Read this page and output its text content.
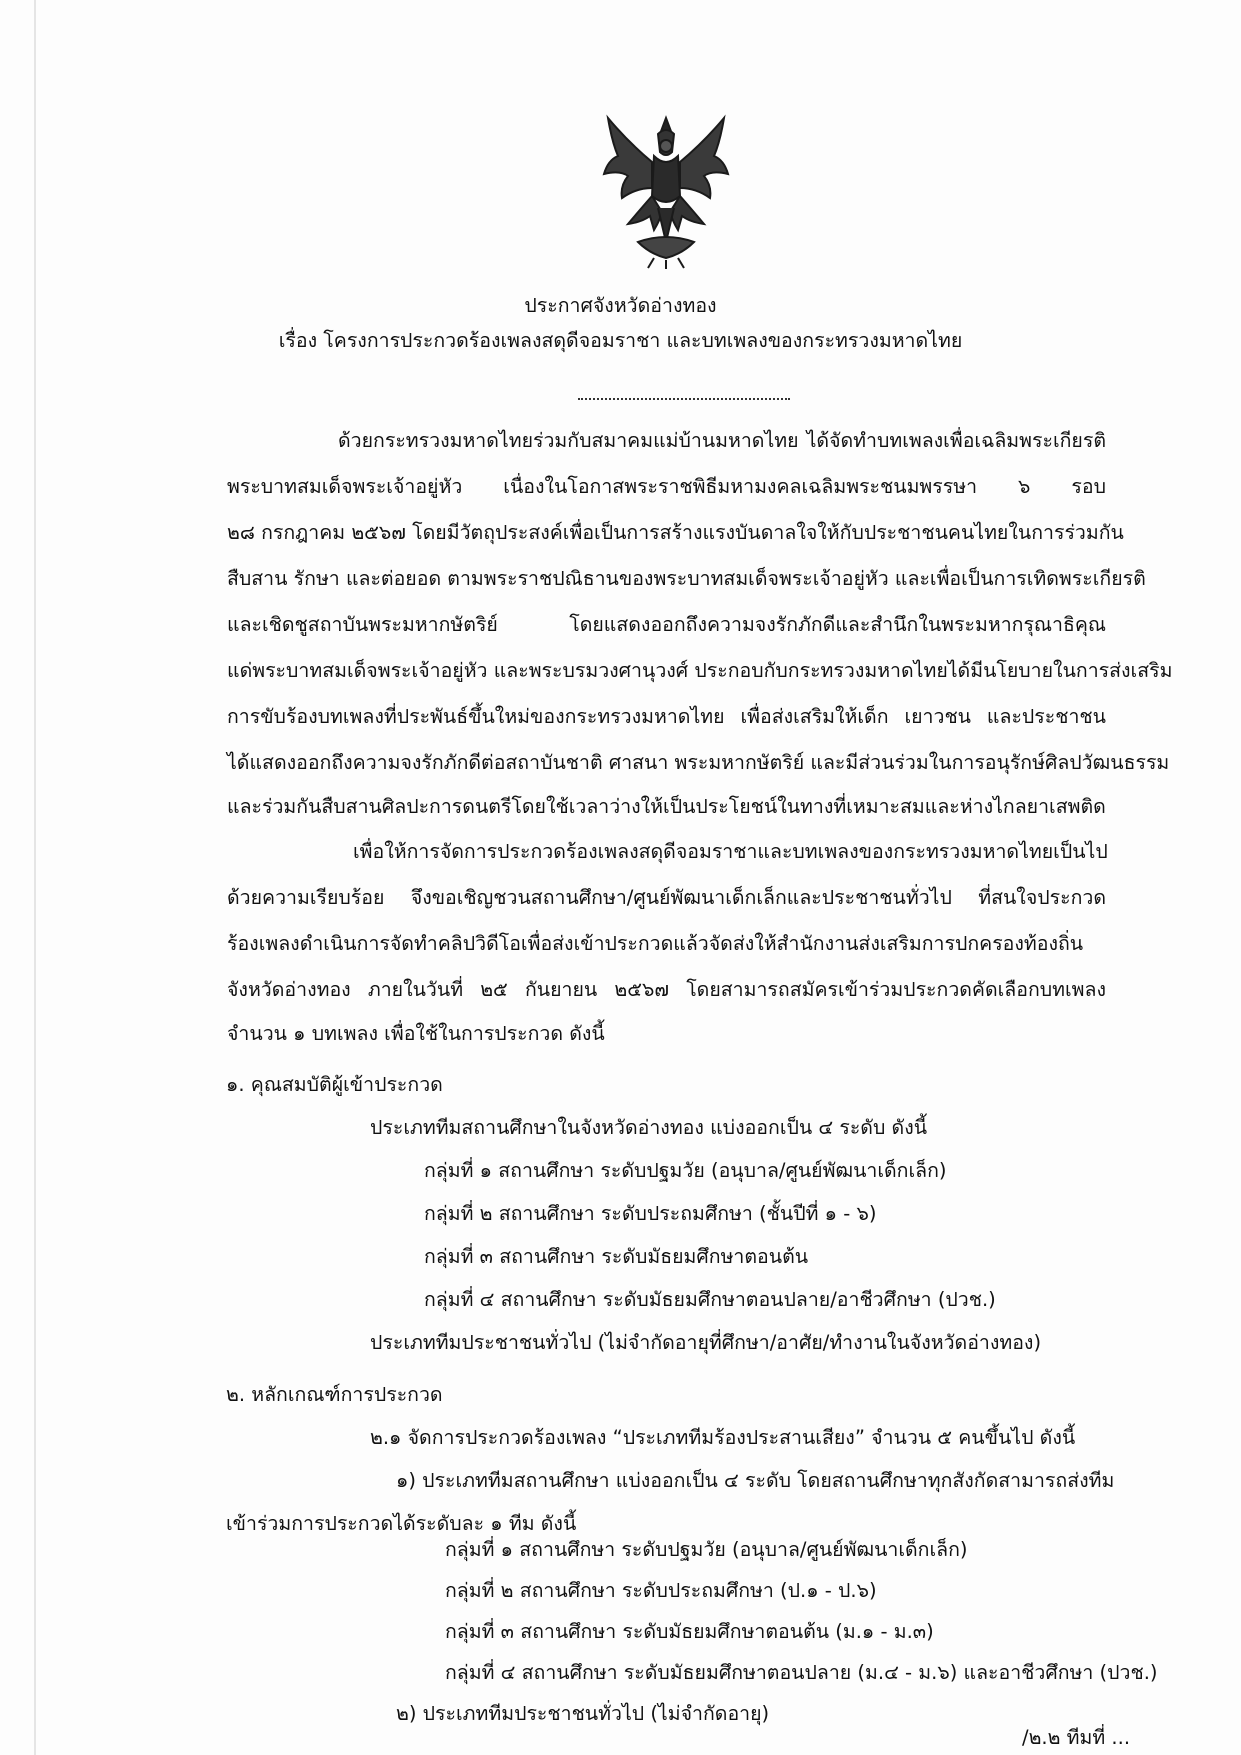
ประกาศจังหวัดอ่างทอง
เรื่อง โครงการประกวดร้องเพลงสดุดีจอมราชา และบทเพลงของกระทรวงมหาดไทย
ด้วยกระทรวงมหาดไทยร่วมกับสมาคมแม่บ้านมหาดไทย ได้จัดทำบทเพลงเพื่อเฉลิมพระเกียรติ
พระบาทสมเด็จพระเจ้าอยู่หัว เนื่องในโอกาสพระราชพิธีมหามงคลเฉลิมพระชนมพรรษา ๖ รอบ
๒๘ กรกฎาคม ๒๕๖๗ โดยมีวัตถุประสงค์เพื่อเป็นการสร้างแรงบันดาลใจให้กับประชาชนคนไทยในการร่วมกัน
สืบสาน รักษา และต่อยอด ตามพระราชปณิธานของพระบาทสมเด็จพระเจ้าอยู่หัว และเพื่อเป็นการเทิดพระเกียรติ
และเชิดชูสถาบันพระมหากษัตริย์ โดยแสดงออกถึงความจงรักภักดีและสำนึกในพระมหากรุณาธิคุณ
แด่พระบาทสมเด็จพระเจ้าอยู่หัว และพระบรมวงศานุวงศ์ ประกอบกับกระทรวงมหาดไทยได้มีนโยบายในการส่งเสริม
การขับร้องบทเพลงที่ประพันธ์ขึ้นใหม่ของกระทรวงมหาดไทย เพื่อส่งเสริมให้เด็ก เยาวชน และประชาชน
ได้แสดงออกถึงความจงรักภักดีต่อสถาบันชาติ ศาสนา พระมหากษัตริย์ และมีส่วนร่วมในการอนุรักษ์ศิลปวัฒนธรรม
และร่วมกันสืบสานศิลปะการดนตรีโดยใช้เวลาว่างให้เป็นประโยชน์ในทางที่เหมาะสมและห่างไกลยาเสพติด
เพื่อให้การจัดการประกวดร้องเพลงสดุดีจอมราชาและบทเพลงของกระทรวงมหาดไทยเป็นไป
ด้วยความเรียบร้อย จึงขอเชิญชวนสถานศึกษา/ศูนย์พัฒนาเด็กเล็กและประชาชนทั่วไป ที่สนใจประกวด
ร้องเพลงดำเนินการจัดทำคลิปวิดีโอเพื่อส่งเข้าประกวดแล้วจัดส่งให้สำนักงานส่งเสริมการปกครองท้องถิ่น
จังหวัดอ่างทอง ภายในวันที่ ๒๕ กันยายน ๒๕๖๗ โดยสามารถสมัครเข้าร่วมประกวดคัดเลือกบทเพลง
จำนวน ๑ บทเพลง เพื่อใช้ในการประกวด ดังนี้
๑. คุณสมบัติผู้เข้าประกวด
ประเภททีมสถานศึกษาในจังหวัดอ่างทอง แบ่งออกเป็น ๔ ระดับ ดังนี้
กลุ่มที่ ๑ สถานศึกษา ระดับปฐมวัย (อนุบาล/ศูนย์พัฒนาเด็กเล็ก)
กลุ่มที่ ๒ สถานศึกษา ระดับประถมศึกษา (ชั้นปีที่ ๑ - ๖)
กลุ่มที่ ๓ สถานศึกษา ระดับมัธยมศึกษาตอนต้น
กลุ่มที่ ๔ สถานศึกษา ระดับมัธยมศึกษาตอนปลาย/อาชีวศึกษา (ปวช.)
ประเภททีมประชาชนทั่วไป (ไม่จำกัดอายุที่ศึกษา/อาศัย/ทำงานในจังหวัดอ่างทอง)
๒. หลักเกณฑ์การประกวด
๒.๑ จัดการประกวดร้องเพลง “ประเภททีมร้องประสานเสียง” จำนวน ๕ คนขึ้นไป ดังนี้
๑) ประเภททีมสถานศึกษา แบ่งออกเป็น ๔ ระดับ โดยสถานศึกษาทุกสังกัดสามารถส่งทีม
เข้าร่วมการประกวดได้ระดับละ ๑ ทีม ดังนี้
กลุ่มที่ ๑ สถานศึกษา ระดับปฐมวัย (อนุบาล/ศูนย์พัฒนาเด็กเล็ก)
กลุ่มที่ ๒ สถานศึกษา ระดับประถมศึกษา (ป.๑ - ป.๖)
กลุ่มที่ ๓ สถานศึกษา ระดับมัธยมศึกษาตอนต้น (ม.๑ - ม.๓)
กลุ่มที่ ๔ สถานศึกษา ระดับมัธยมศึกษาตอนปลาย (ม.๔ - ม.๖) และอาชีวศึกษา (ปวช.)
๒) ประเภททีมประชาชนทั่วไป (ไม่จำกัดอายุ)
/๒.๒ ทีมที่ ...
